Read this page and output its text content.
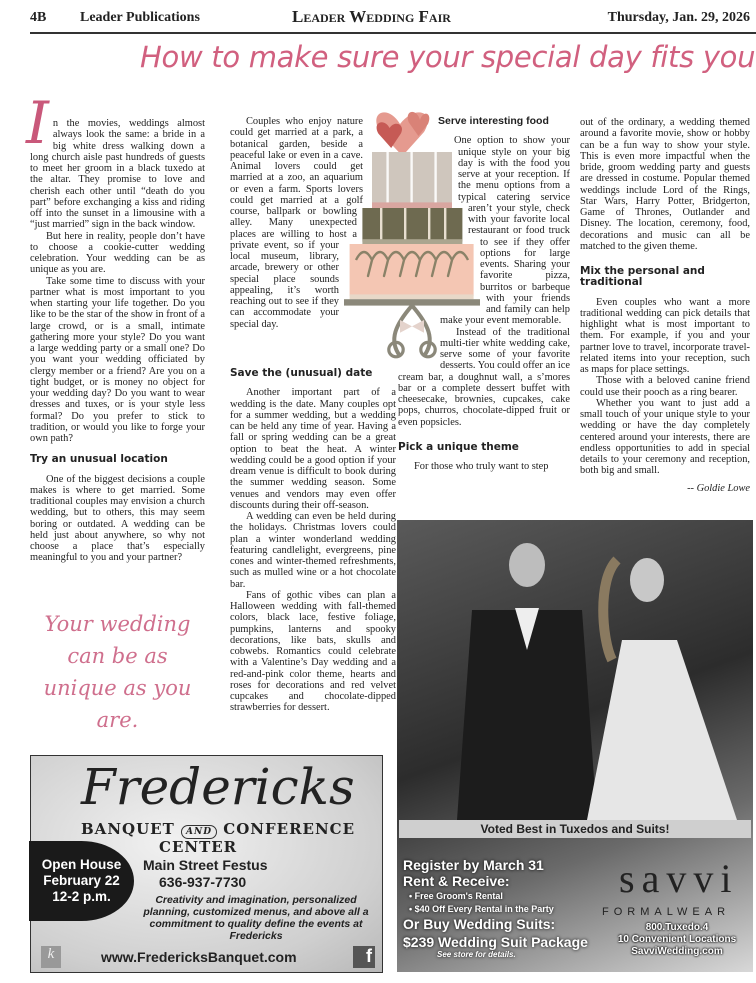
4B Leader Publications	Leader Wedding Fair	Thursday, Jan. 29, 2026
How to make sure your special day fits you
I n the movies, weddings almost always look the same: a bride in a big white dress walking down a long church aisle past hundreds of guests to meet her groom in a black tuxedo at the altar. They promise to love and cherish each other until “death do you part” before exchanging a kiss and riding off into the sunset in a limousine with a “just married” sign in the back window.

But here in reality, people don’t have to choose a cookie-cutter wedding celebration. Your wedding can be as unique as you are.

Take some time to discuss with your partner what is most important to you when starting your life together. Do you like to be the star of the show in front of a large crowd, or is a small, intimate gathering more your style? Do you want a large wedding party or a small one? Do you want your wedding officiated by clergy member or a friend? Are you on a tight budget, or is money no object for your wedding day? Do you want to wear dresses and tuxes, or is your style less formal? Do you prefer to stick to tradition, or would you like to forge your own path?

Try an unusual location

One of the biggest decisions a couple makes is where to get married. Some traditional couples may envision a church wedding, but to others, this may seem boring or outdated. A wedding can be held just about anywhere, so why not choose a place that’s especially meaningful to you and your partner?

Your wedding can be as unique as you are.

Couples who enjoy nature could get married at a park, a botanical garden, beside a peaceful lake or even in a cave. Animal lovers could get married at a zoo, an aquarium or even a farm. Sports lovers could get married at a golf course, ballpark or bowling alley. Many unexpected places are willing to host a private event, so if your local museum, library, arcade, brewery or other special place sounds appealing, it’s worth reaching out to see if they can accommodate your special day.

Save the (unusual) date

Another important part of a wedding is the date. Many couples opt for a summer wedding, but a wedding can be held any time of year. Having a fall or spring wedding can be a great option to beat the heat. A winter wedding could be a good option if your dream venue is difficult to book during the summer wedding season. Some venues and vendors may even offer discounts during their off-season.

A wedding can even be held during the holidays. Christmas lovers could plan a winter wonderland wedding featuring candlelight, evergreens, pine cones and winter-themed refreshments, such as mulled wine or a hot chocolate bar.

Fans of gothic vibes can plan a Halloween wedding with fall-themed colors, black lace, festive foliage, pumpkins, lanterns and spooky decorations, like bats, skulls and cobwebs. Romantics could celebrate with a Valentine’s Day wedding and a red-and-pink color theme, hearts and roses for decorations and red velvet cupcakes and chocolate-dipped strawberries for dessert.

Serve interesting food

One option to show your unique style on your big day is with the food you serve at your reception. If the menu options from a typical catering service aren’t your style, check with your favorite local restaurant or food truck to see if they offer options for large events. Sharing your favorite pizza, burritos or barbeque with your friends and family can help make your event memorable.

Instead of the traditional multi-tier white wedding cake, serve some of your favorite desserts. You could offer an ice cream bar, a doughnut wall, a s’mores bar or a complete dessert buffet with cheesecake, brownies, cupcakes, cake pops, churros, chocolate-dipped fruit or even popsicles.

Pick a unique theme

For those who truly want to step

out of the ordinary, a wedding themed around a favorite movie, show or hobby can be a fun way to show your style. This is even more impactful when the bride, groom wedding party and guests are dressed in costume. Popular themed weddings include Lord of the Rings, Star Wars, Harry Potter, Bridgerton, Game of Thrones, Outlander and Disney. The location, ceremony, food, decorations and music can all be matched to the given theme.

Mix the personal and traditional

Even couples who want a more traditional wedding can pick details that highlight what is most important to them. For example, if you and your partner love to travel, incorporate travel-related items into your reception, such as maps for place settings.

Those with a beloved canine friend could use their pooch as a ring bearer.

Whether you want to just add a small touch of your unique style to your wedding or have the day completely centered around your interests, there are endless opportunities to add in special details to your ceremony and reception, both big and small.

-- Goldie Lowe
Fredericks
BANQUET AND CONFERENCE
CENTER
Open House
February 22
12-2 p.m.
Main Street Festus
636-937-7730
Creativity and imagination, personalized planning, customized menus, and above all a commitment to quality define the events at Fredericks
k	www.FredericksBanquet.com	f
Voted Best in Tuxedos and Suits!
Register by March 31
Rent & Receive:
• Free Groom's Rental
• $40 Off Every Rental in the Party
Or Buy Wedding Suits:
$239 Wedding Suit Package
See store for details.
savvi
FORMALWEAR
800.Tuxedo.4
10 Convenient Locations
SavviWedding.com
